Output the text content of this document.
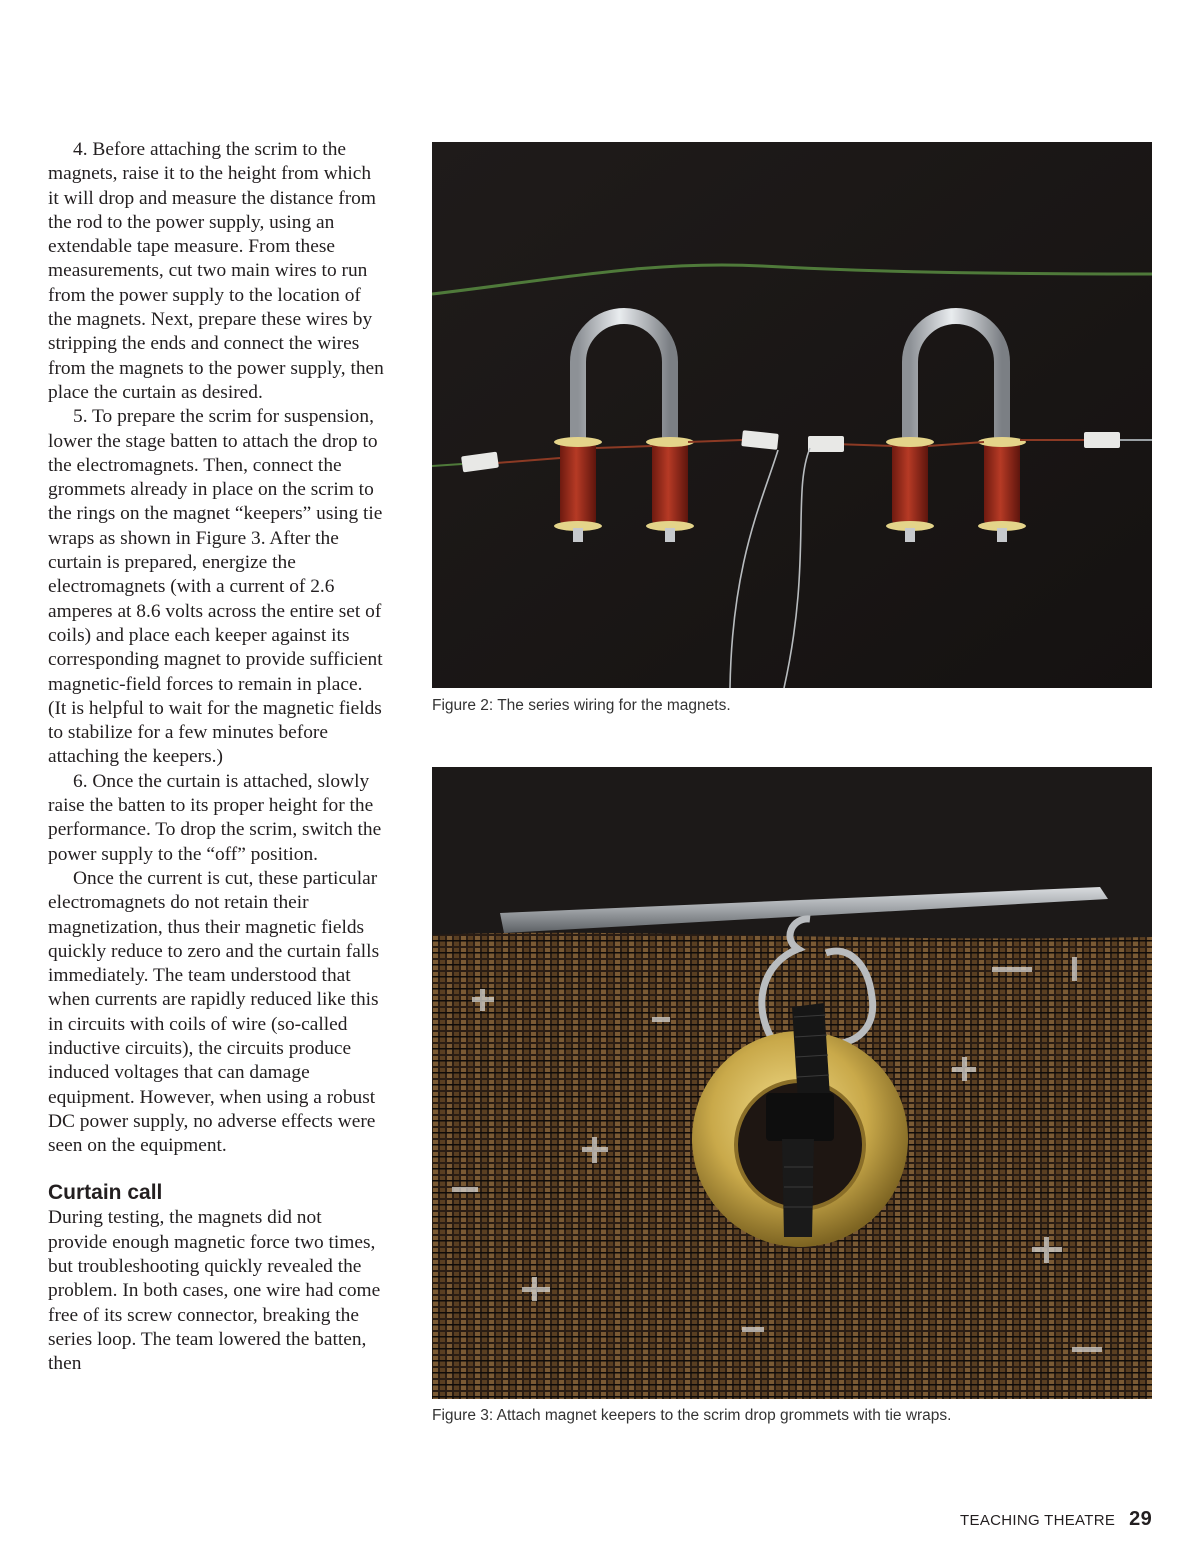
4. Before attaching the scrim to the magnets, raise it to the height from which it will drop and measure the distance from the rod to the power supply, using an extendable tape measure. From these measurements, cut two main wires to run from the power supply to the location of the magnets. Next, prepare these wires by stripping the ends and connect the wires from the magnets to the power supply, then place the curtain as desired.

5. To prepare the scrim for suspension, lower the stage batten to attach the drop to the electromagnets. Then, connect the grommets already in place on the scrim to the rings on the magnet “keepers” using tie wraps as shown in Figure 3. After the curtain is prepared, energize the electromagnets (with a current of 2.6 amperes at 8.6 volts across the entire set of coils) and place each keeper against its corresponding magnet to provide sufficient magnetic-field forces to remain in place. (It is helpful to wait for the magnetic fields to stabilize for a few minutes before attaching the keepers.)

6. Once the curtain is attached, slowly raise the batten to its proper height for the performance. To drop the scrim, switch the power supply to the “off” position.

Once the current is cut, these particular electromagnets do not retain their magnetization, thus their magnetic fields quickly reduce to zero and the curtain falls immediately. The team understood that when currents are rapidly reduced like this in circuits with coils of wire (so-called inductive circuits), the circuits produce induced voltages that can damage equipment. However, when using a robust DC power supply, no adverse effects were seen on the equipment.

Curtain call

During testing, the magnets did not provide enough magnetic force two times, but troubleshooting quickly revealed the problem. In both cases, one wire had come free of its screw connector, breaking the series loop. The team lowered the batten, then

Figure 2: The series wiring for the magnets.
Figure 3: Attach magnet keepers to the scrim drop grommets with tie wraps.
TEACHING THEATRE 29
